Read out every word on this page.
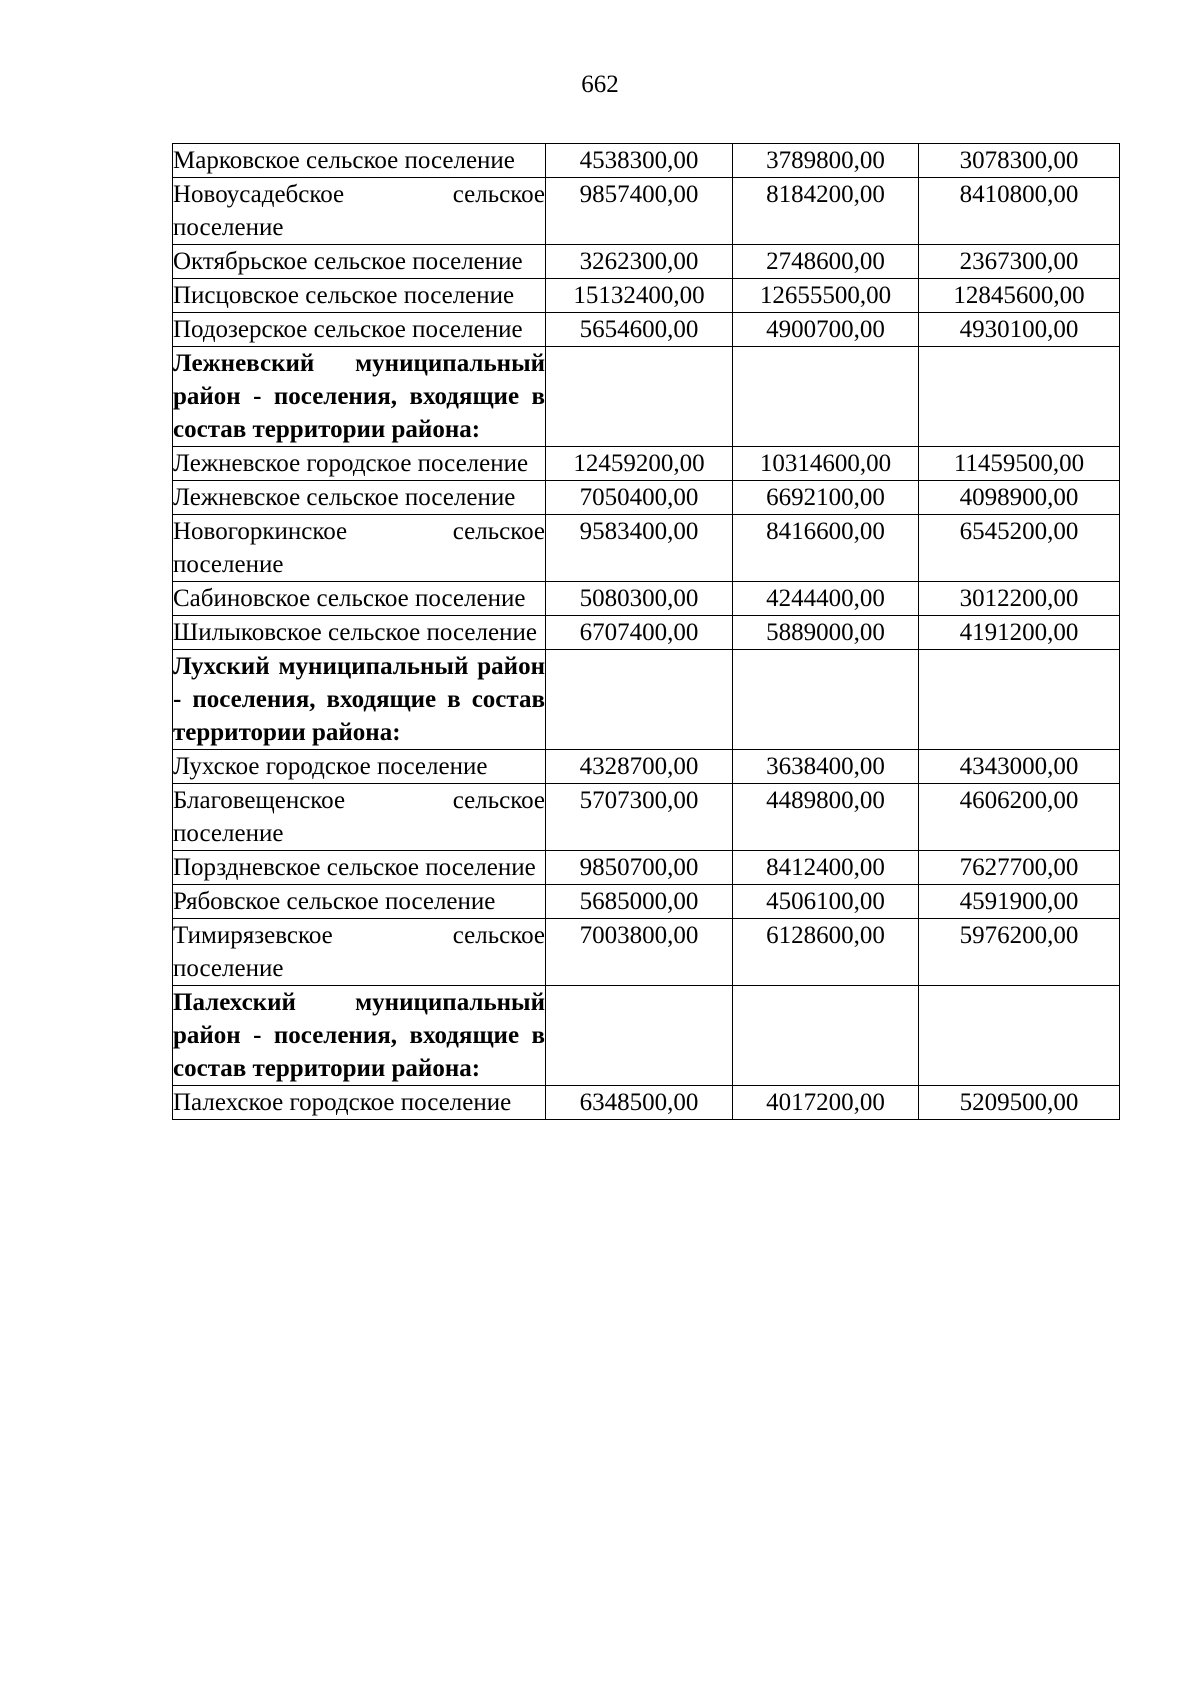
662
Марковское сельское поселение	4538300,00	3789800,00	3078300,00
Новоусадебское сельское поселение	9857400,00	8184200,00	8410800,00
Октябрьское сельское поселение	3262300,00	2748600,00	2367300,00
Писцовское сельское поселение	15132400,00	12655500,00	12845600,00
Подозерское сельское поселение	5654600,00	4900700,00	4930100,00
Лежневский муниципальный район - поселения, входящие в состав территории района:			
Лежневское городское поселение	12459200,00	10314600,00	11459500,00
Лежневское сельское поселение	7050400,00	6692100,00	4098900,00
Новогоркинское сельское поселение	9583400,00	8416600,00	6545200,00
Сабиновское сельское поселение	5080300,00	4244400,00	3012200,00
Шилыковское сельское поселение	6707400,00	5889000,00	4191200,00
Лухский муниципальный район - поселения, входящие в состав территории района:			
Лухское городское поселение	4328700,00	3638400,00	4343000,00
Благовещенское сельское поселение	5707300,00	4489800,00	4606200,00
Порздневское сельское поселение	9850700,00	8412400,00	7627700,00
Рябовское сельское поселение	5685000,00	4506100,00	4591900,00
Тимирязевское сельское поселение	7003800,00	6128600,00	5976200,00
Палехский муниципальный район - поселения, входящие в состав территории района:			
Палехское городское поселение	6348500,00	4017200,00	5209500,00
